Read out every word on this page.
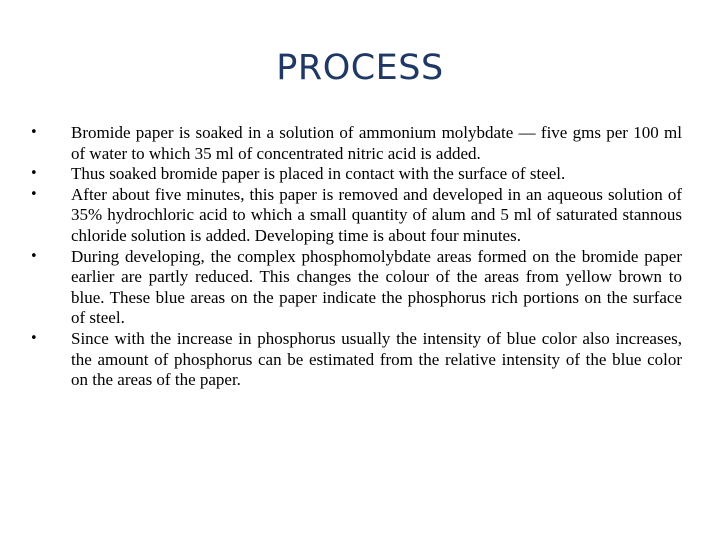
PROCESS
• Bromide paper is soaked in a solution of ammonium molybdate — five gms per 100 ml of water to which 35 ml of concentrated nitric acid is added.
• Thus soaked bromide paper is placed in contact with the surface of steel.
• After about five minutes, this paper is removed and developed in an aqueous solution of 35% hydrochloric acid to which a small quantity of alum and 5 ml of saturated stannous chloride solution is added. Developing time is about four minutes.
• During developing, the complex phosphomolybdate areas formed on the bromide paper earlier are partly reduced. This changes the colour of the areas from yellow brown to blue. These blue areas on the paper indicate the phosphorus rich portions on the surface of steel.
• Since with the increase in phosphorus usually the intensity of blue color also increases, the amount of phosphorus can be estimated from the relative intensity of the blue color on the areas of the paper.
